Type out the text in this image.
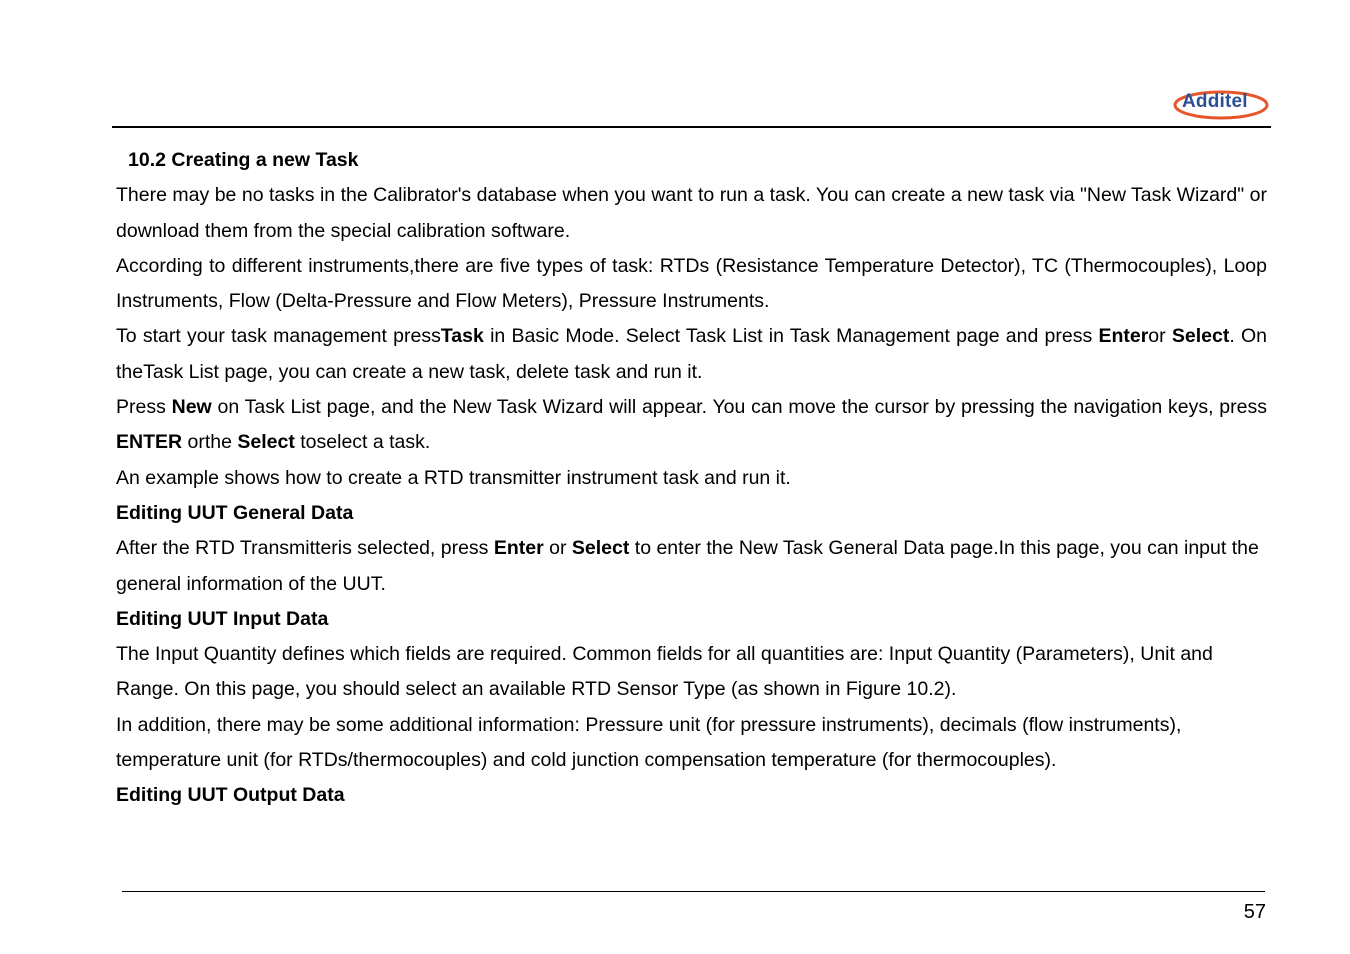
Additel

10.2 Creating a new Task

There may be no tasks in the Calibrator's database when you want to run a task. You can create a new task via "New Task Wizard" or download them from the special calibration software.

According to different instruments,there are five types of task: RTDs (Resistance Temperature Detector), TC (Thermocouples), Loop Instruments, Flow (Delta-Pressure and Flow Meters), Pressure Instruments.

To start your task management pressTask in Basic Mode. Select Task List in Task Management page and press Enteror Select. On theTask List page, you can create a new task, delete task and run it.

Press New on Task List page, and the New Task Wizard will appear. You can move the cursor by pressing the navigation keys, press ENTER orthe Select toselect a task.

An example shows how to create a RTD transmitter instrument task and run it.

Editing UUT General Data

After the RTD Transmitteris selected, press Enter or Select to enter the New Task General Data page.In this page, you can input the general information of the UUT.

Editing UUT Input Data

The Input Quantity defines which fields are required. Common fields for all quantities are: Input Quantity (Parameters), Unit and Range. On this page, you should select an available RTD Sensor Type (as shown in Figure 10.2).

In addition, there may be some additional information: Pressure unit (for pressure instruments), decimals (flow instruments), temperature unit (for RTDs/thermocouples) and cold junction compensation temperature (for thermocouples).

Editing UUT Output Data

57
